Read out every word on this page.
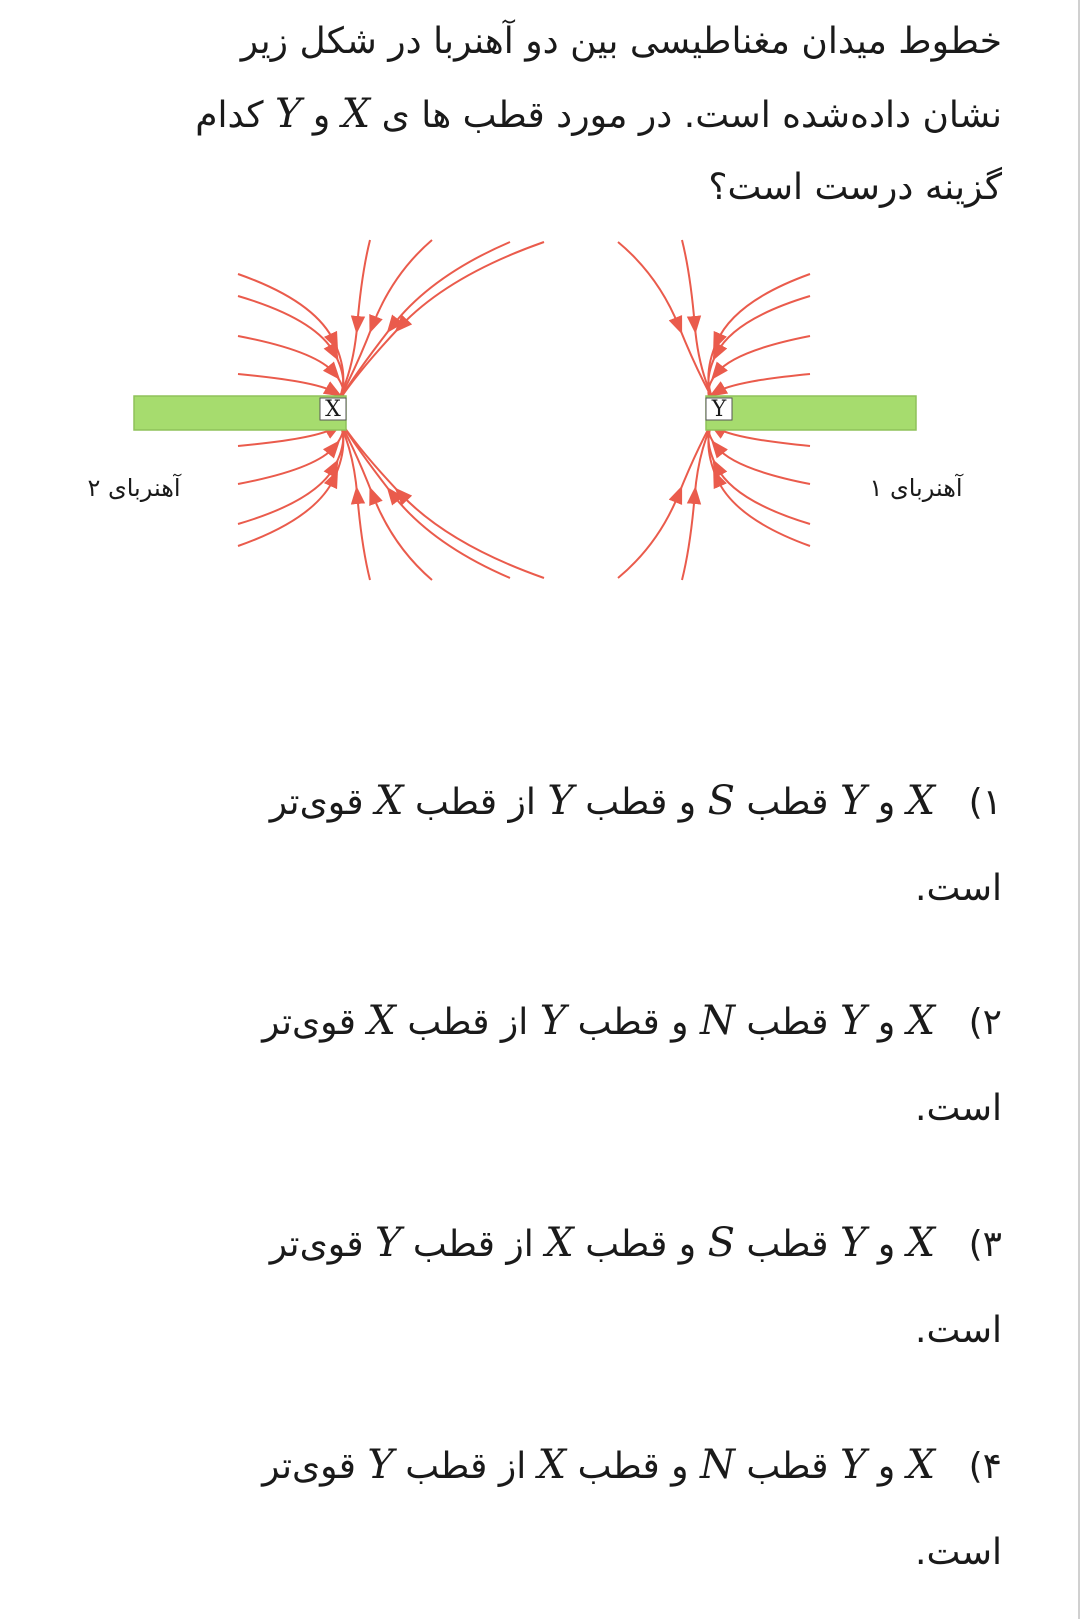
خطوط میدان مغناطیسی بین دو آهنربا در شکل زیر

نشان داده‌شده است. در مورد قطب ها ی X و Y کدام

گزینه درست است؟

X	Y
آهنربای ۲	آهنربای ۱
۱) X و Y قطب S و قطب Y از قطب X قوی‌تر
است.
۲) X و Y قطب N و قطب Y از قطب X قوی‌تر
است.
۳) X و Y قطب S و قطب X از قطب Y قوی‌تر
است.
۴) X و Y قطب N و قطب X از قطب Y قوی‌تر
است.
